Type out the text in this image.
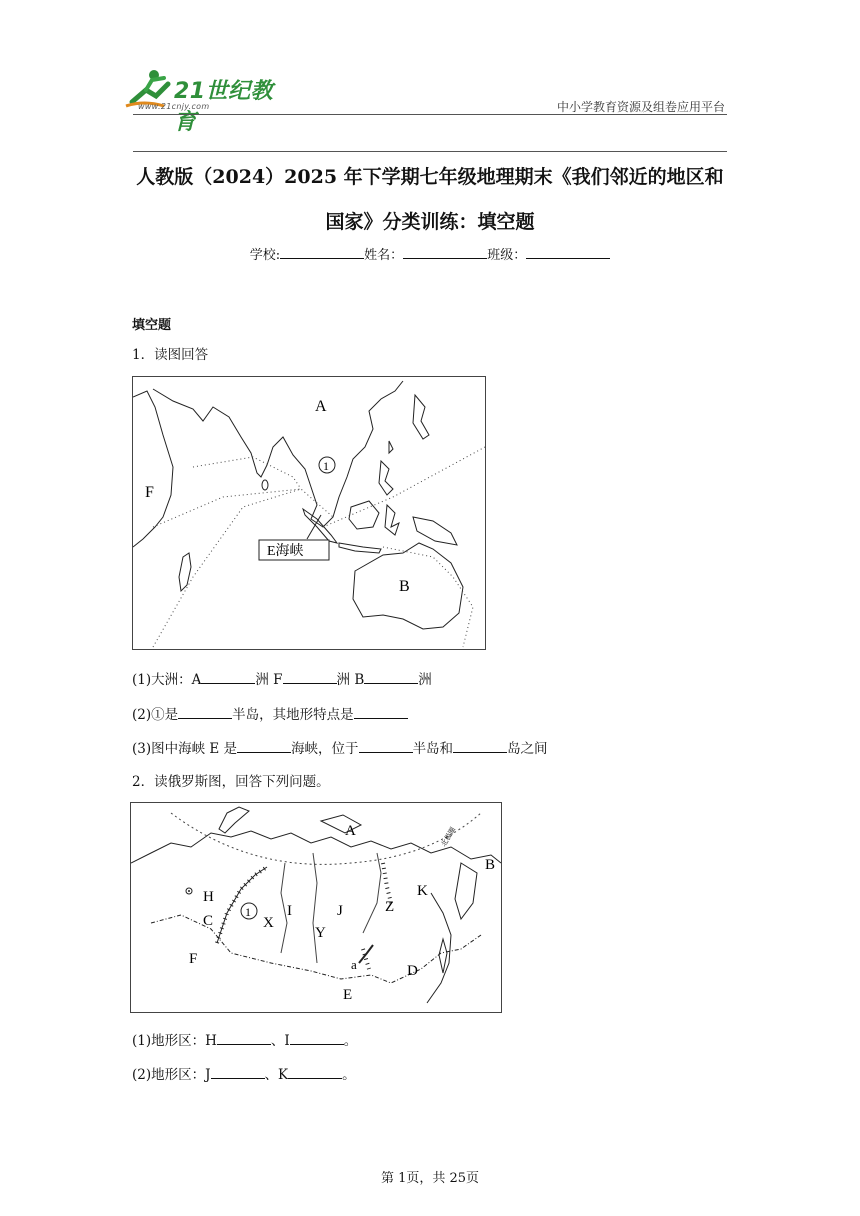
21世纪教育
www.21cnjy.com	中小学教育资源及组卷应用平台
人教版（2024）2025 年下学期七年级地理期末《我们邻近的地区和
国家》分类训练：填空题
学校:	姓名：	班级：
填空题
1．读图回答
A
F
B
1
E海峡
(1)大洲：A	洲 F	洲 B	洲
(2)①是	半岛，其地形特点是
(3)图中海峡 E 是	海峡，位于	半岛和	岛之间
2．读俄罗斯图，回答下列问题。
A
B
H
C
1
X
I	J
Y
Z
K
F
D
E
a
北极圈
(1)地形区：H	、I	。
(2)地形区：J	、K	。
第 1页，共 25页
